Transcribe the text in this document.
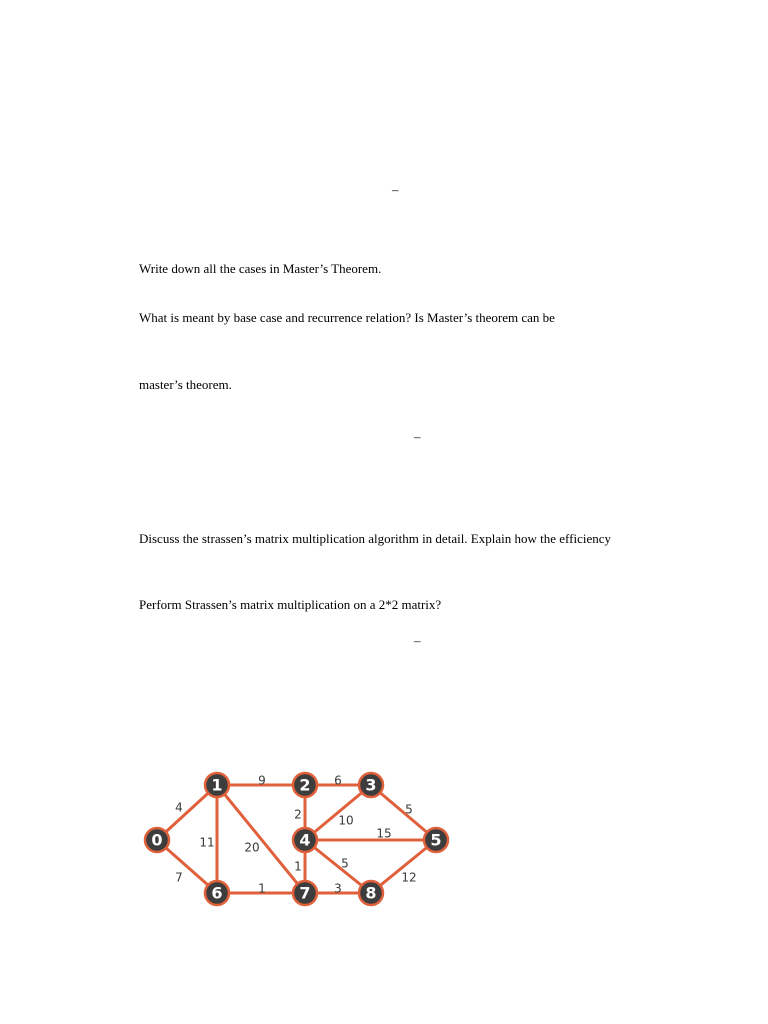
–
Write down all the cases in Master’s Theorem.
What is meant by base case and recurrence relation? Is Master’s theorem can be
master’s theorem.
–
Discuss the strassen’s matrix multiplication algorithm in detail. Explain how the efficiency
Perform Strassen’s matrix multiplication on a 2*2 matrix?
–
4
7
9
11 20
6
2	10
5
15
1	5
12
1	3
0
1	2	3
4	5
6	7	8
